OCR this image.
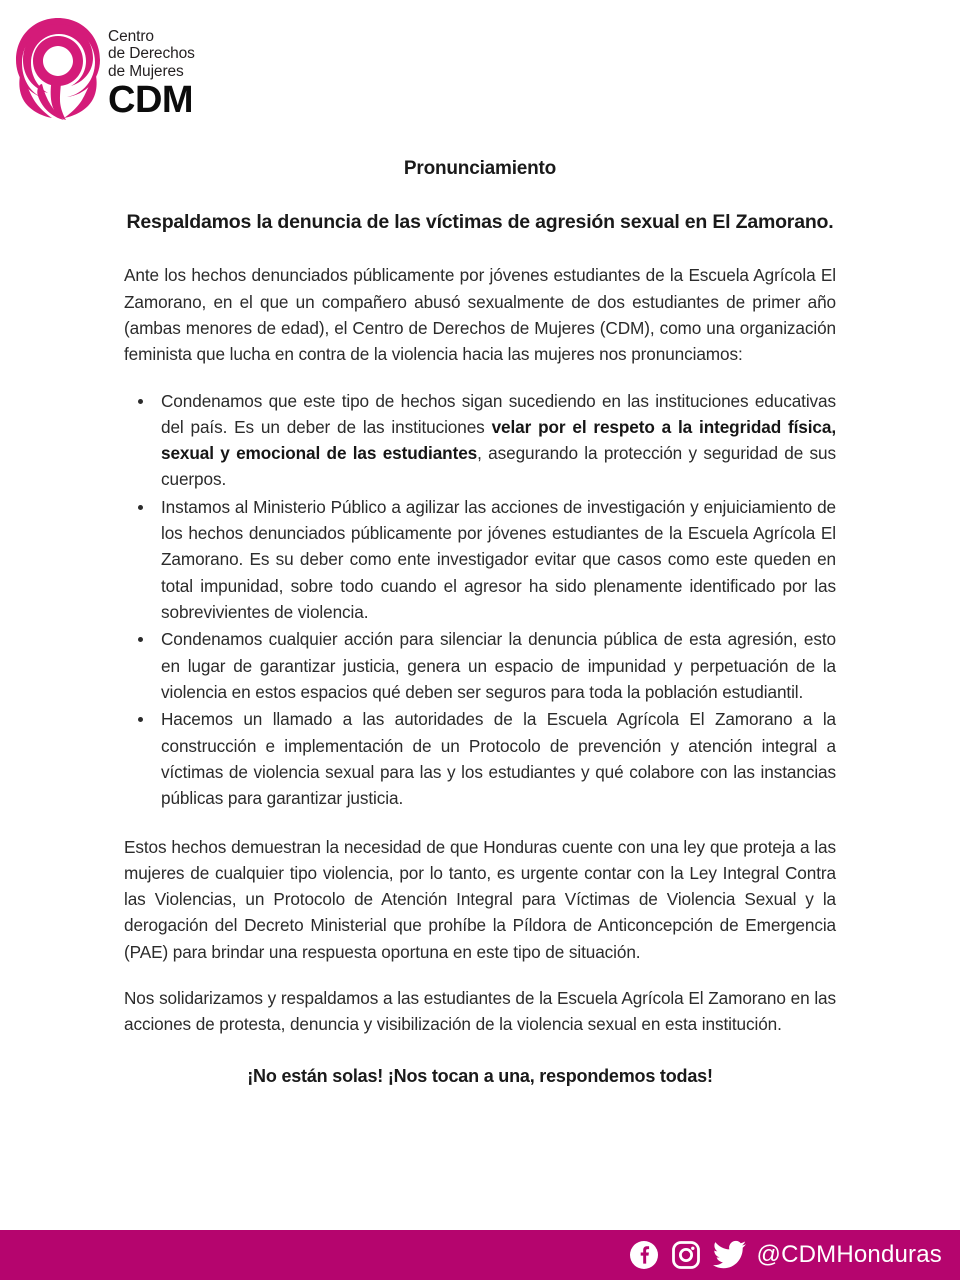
Centro
de Derechos
de Mujeres
CDM
Pronunciamiento
Respaldamos la denuncia de las víctimas de agresión sexual en El Zamorano.

Ante los hechos denunciados públicamente por jóvenes estudiantes de la Escuela Agrícola El Zamorano, en el que un compañero abusó sexualmente de dos estudiantes de primer año (ambas menores de edad), el Centro de Derechos de Mujeres (CDM), como una organización feminista que lucha en contra de la violencia hacia las mujeres nos pronunciamos:

Condenamos que este tipo de hechos sigan sucediendo en las instituciones educativas del país. Es un deber de las instituciones velar por el respeto a la integridad física, sexual y emocional de las estudiantes, asegurando la protección y seguridad de sus cuerpos.
Instamos al Ministerio Público a agilizar las acciones de investigación y enjuiciamiento de los hechos denunciados públicamente por jóvenes estudiantes de la Escuela Agrícola El Zamorano. Es su deber como ente investigador evitar que casos como este queden en total impunidad, sobre todo cuando el agresor ha sido plenamente identificado por las sobrevivientes de violencia.
Condenamos cualquier acción para silenciar la denuncia pública de esta agresión, esto en lugar de garantizar justicia, genera un espacio de impunidad y perpetuación de la violencia en estos espacios qué deben ser seguros para toda la población estudiantil.
Hacemos un llamado a las autoridades de la Escuela Agrícola El Zamorano a la construcción e implementación de un Protocolo de prevención y atención integral a víctimas de violencia sexual para las y los estudiantes y qué colabore con las instancias públicas para garantizar justicia.

Estos hechos demuestran la necesidad de que Honduras cuente con una ley que proteja a las mujeres de cualquier tipo violencia, por lo tanto, es urgente contar con la Ley Integral Contra las Violencias, un Protocolo de Atención Integral para Víctimas de Violencia Sexual y la derogación del Decreto Ministerial que prohíbe la Píldora de Anticoncepción de Emergencia (PAE) para brindar una respuesta oportuna en este tipo de situación.

Nos solidarizamos y respaldamos a las estudiantes de la Escuela Agrícola El Zamorano en las acciones de protesta, denuncia y visibilización de la violencia sexual en esta institución.

¡No están solas! ¡Nos tocan a una, respondemos todas!

@CDMHonduras
